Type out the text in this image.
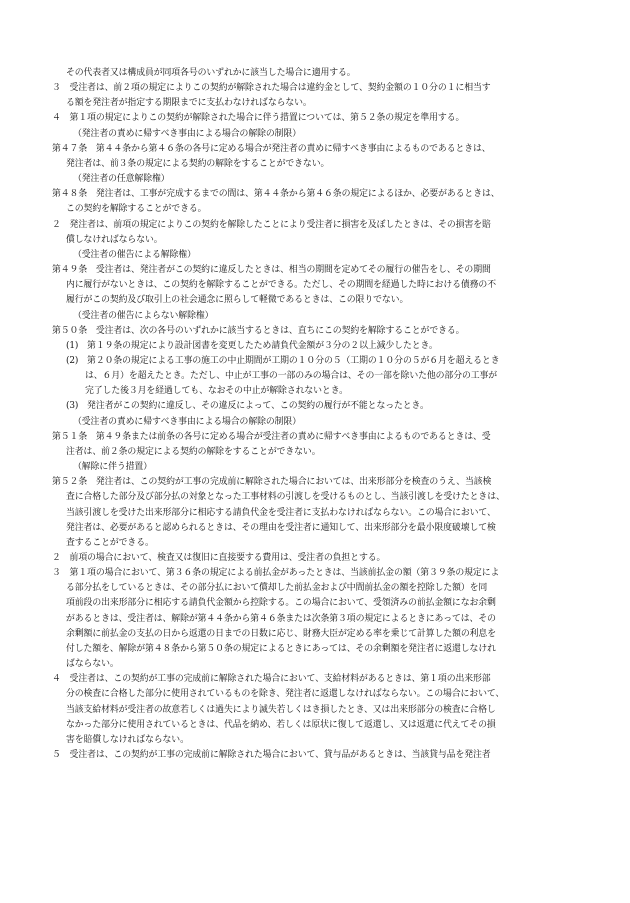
その代表者又は構成員が同項各号のいずれかに該当した場合に適用する。
３　受注者は、前２項の規定によりこの契約が解除された場合は違約金として、契約金額の１０分の１に相当す
る額を発注者が指定する期限までに支払わなければならない。
４　第１項の規定によりこの契約が解除された場合に伴う措置については、第５２条の規定を準用する。
（発注者の責めに帰すべき事由による場合の解除の制限）
第４７条　第４４条から第４６条の各号に定める場合が発注者の責めに帰すべき事由によるものであるときは、
発注者は、前３条の規定による契約の解除をすることができない。
（発注者の任意解除権）
第４８条　発注者は、工事が完成するまでの間は、第４４条から第４６条の規定によるほか、必要があるときは、
この契約を解除することができる。
２　発注者は、前項の規定によりこの契約を解除したことにより受注者に損害を及ぼしたときは、その損害を賠
償しなければならない。
（受注者の催告による解除権）
第４９条　受注者は、発注者がこの契約に違反したときは、相当の期間を定めてその履行の催告をし、その期間
内に履行がないときは、この契約を解除することができる。ただし、その期間を経過した時における債務の不
履行がこの契約及び取引上の社会通念に照らして軽微であるときは、この限りでない。
（受注者の催告によらない解除権）
第５０条　受注者は、次の各号のいずれかに該当するときは、直ちにこの契約を解除することができる。
(1)　第１９条の規定により設計図書を変更したため請負代金額が３分の２以上減少したとき。
(2)　第２０条の規定による工事の施工の中止期間が工期の１０分の５（工期の１０分の５が６月を超えるとき
は、６月）を超えたとき。ただし、中止が工事の一部のみの場合は、その一部を除いた他の部分の工事が
完了した後３月を経過しても、なおその中止が解除されないとき。
(3)　発注者がこの契約に違反し、その違反によって、この契約の履行が不能となったとき。
（受注者の責めに帰すべき事由による場合の解除の制限）
第５１条　第４９条または前条の各号に定める場合が受注者の責めに帰すべき事由によるものであるときは、受
注者は、前２条の規定による契約の解除をすることができない。
（解除に伴う措置）
第５２条　発注者は、この契約が工事の完成前に解除された場合においては、出来形部分を検査のうえ、当該検
査に合格した部分及び部分払の対象となった工事材料の引渡しを受けるものとし、当該引渡しを受けたときは、
当該引渡しを受けた出来形部分に相応する請負代金を受注者に支払わなければならない。この場合において、
発注者は、必要があると認められるときは、その理由を受注者に通知して、出来形部分を最小限度破壊して検
査することができる。
２　前項の場合において、検査又は復旧に直接要する費用は、受注者の負担とする。
３　第１項の場合において、第３６条の規定による前払金があったときは、当該前払金の額（第３９条の規定によ
る部分払をしているときは、その部分払において償却した前払金および中間前払金の額を控除した額）を同
項前段の出来形部分に相応する請負代金額から控除する。この場合において、受領済みの前払金額になお余剰
があるときは、受注者は、解除が第４４条から第４６条または次条第３項の規定によるときにあっては、その
余剰額に前払金の支払の日から返還の日までの日数に応じ、財務大臣が定める率を乗じて計算した額の利息を
付した額を、解除が第４８条から第５０条の規定によるときにあっては、その余剰額を発注者に返還しなけれ
ばならない。
４　受注者は、この契約が工事の完成前に解除された場合において、支給材料があるときは、第１項の出来形部
分の検査に合格した部分に使用されているものを除き、発注者に返還しなければならない。この場合において、
当該支給材料が受注者の故意若しくは過失により滅失若しくはき損したとき、又は出来形部分の検査に合格し
なかった部分に使用されているときは、代品を納め、若しくは原状に復して返還し、又は返還に代えてその損
害を賠償しなければならない。
５　受注者は、この契約が工事の完成前に解除された場合において、貸与品があるときは、当該貸与品を発注者
